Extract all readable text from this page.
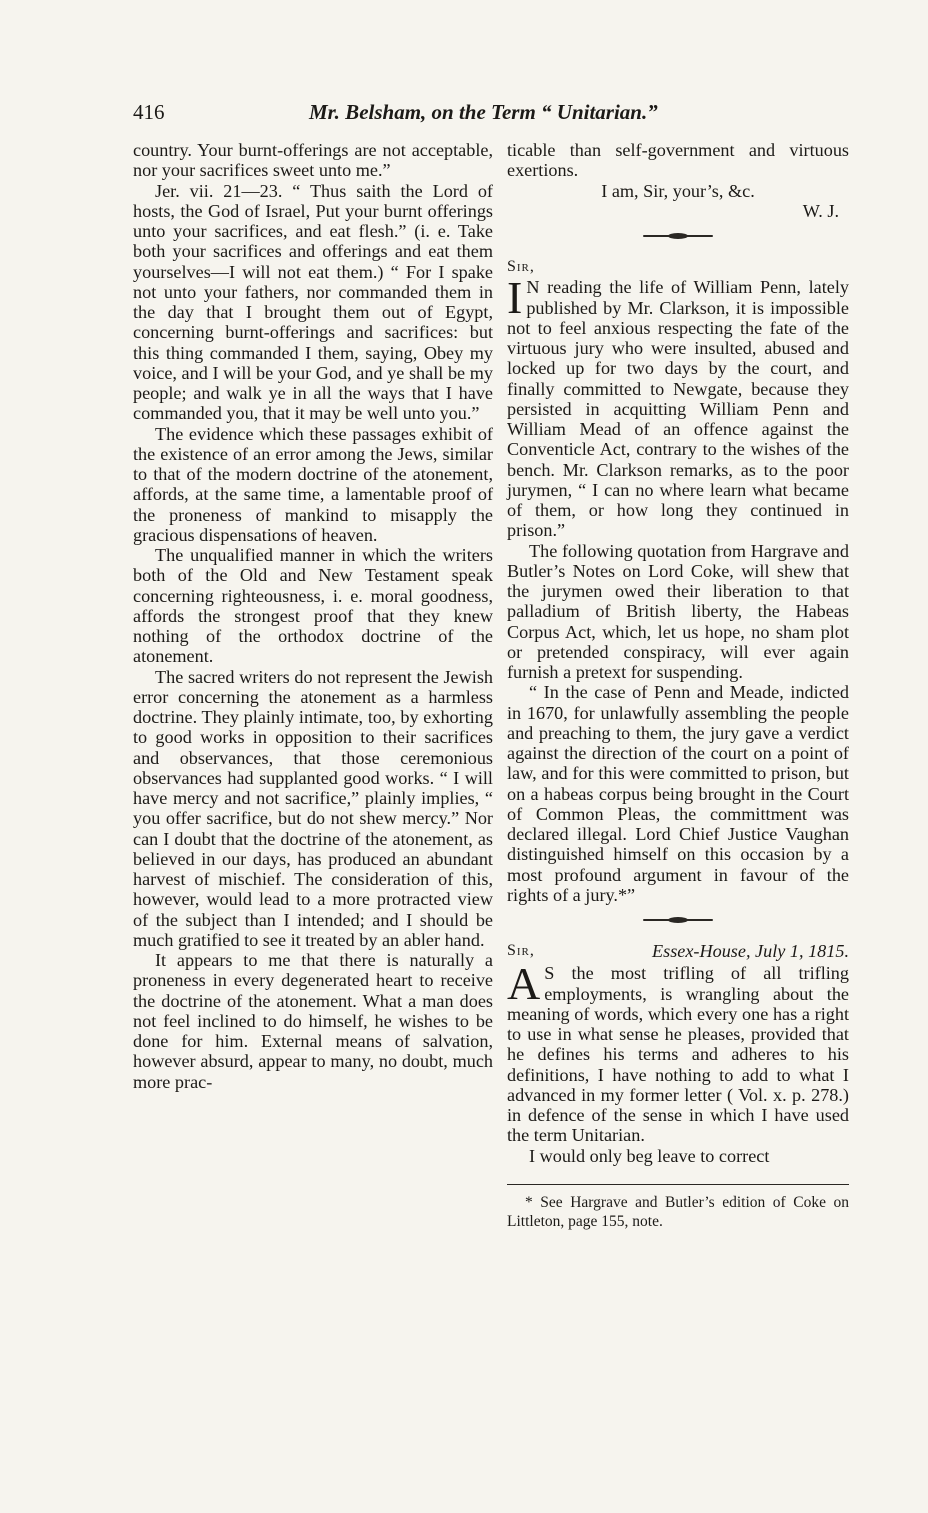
416	Mr. Belsham, on the Term “ Unitarian.”

country. Your burnt-offerings are not acceptable, nor your sacrifices sweet unto me.”

Jer. vii. 21—23. “ Thus saith the Lord of hosts, the God of Israel, Put your burnt offerings unto your sacrifices, and eat flesh.” (i. e. Take both your sacrifices and offerings and eat them yourselves—I will not eat them.) “ For I spake not unto your fathers, nor commanded them in the day that I brought them out of Egypt, concerning burnt-offerings and sacrifices: but this thing commanded I them, saying, Obey my voice, and I will be your God, and ye shall be my people; and walk ye in all the ways that I have commanded you, that it may be well unto you.”

The evidence which these passages exhibit of the existence of an error among the Jews, similar to that of the modern doctrine of the atonement, affords, at the same time, a lamentable proof of the proneness of mankind to misapply the gracious dispensations of heaven.

The unqualified manner in which the writers both of the Old and New Testament speak concerning righteousness, i. e. moral goodness, affords the strongest proof that they knew nothing of the orthodox doctrine of the atonement.

The sacred writers do not represent the Jewish error concerning the atonement as a harmless doctrine. They plainly intimate, too, by exhorting to good works in opposition to their sacrifices and observances, that those ceremonious observances had supplanted good works. “ I will have mercy and not sacrifice,” plainly implies, “ you offer sacrifice, but do not shew mercy.” Nor can I doubt that the doctrine of the atonement, as believed in our days, has produced an abundant harvest of mischief. The consideration of this, however, would lead to a more protracted view of the subject than I intended; and I should be much gratified to see it treated by an abler hand.

It appears to me that there is naturally a proneness in every degenerated heart to receive the doctrine of the atonement. What a man does not feel inclined to do himself, he wishes to be done for him. External means of salvation, however absurd, appear to many, no doubt, much more prac-

ticable than self-government and virtuous exertions.

I am, Sir, your’s, &c.

W. J.

Sir,

I N reading the life of William Penn, lately published by Mr. Clarkson, it is impossible not to feel anxious respecting the fate of the virtuous jury who were insulted, abused and locked up for two days by the court, and finally committed to Newgate, because they persisted in acquitting William Penn and William Mead of an offence against the Conventicle Act, contrary to the wishes of the bench. Mr. Clarkson remarks, as to the poor jurymen, “ I can no where learn what became of them, or how long they continued in prison.”

The following quotation from Hargrave and Butler’s Notes on Lord Coke, will shew that the jurymen owed their liberation to that palladium of British liberty, the Habeas Corpus Act, which, let us hope, no sham plot or pretended conspiracy, will ever again furnish a pretext for suspending.

“ In the case of Penn and Meade, indicted in 1670, for unlawfully assembling the people and preaching to them, the jury gave a verdict against the direction of the court on a point of law, and for this were committed to prison, but on a habeas corpus being brought in the Court of Common Pleas, the committment was declared illegal. Lord Chief Justice Vaughan distinguished himself on this occasion by a most profound argument in favour of the rights of a jury.*”

Sir,	Essex-House, July 1, 1815.

A S the most trifling of all trifling employments, is wrangling about the meaning of words, which every one has a right to use in what sense he pleases, provided that he defines his terms and adheres to his definitions, I have nothing to add to what I advanced in my former letter ( Vol. x. p. 278.) in defence of the sense in which I have used the term Unitarian.

I would only beg leave to correct

* See Hargrave and Butler’s edition of Coke on Littleton, page 155, note.
